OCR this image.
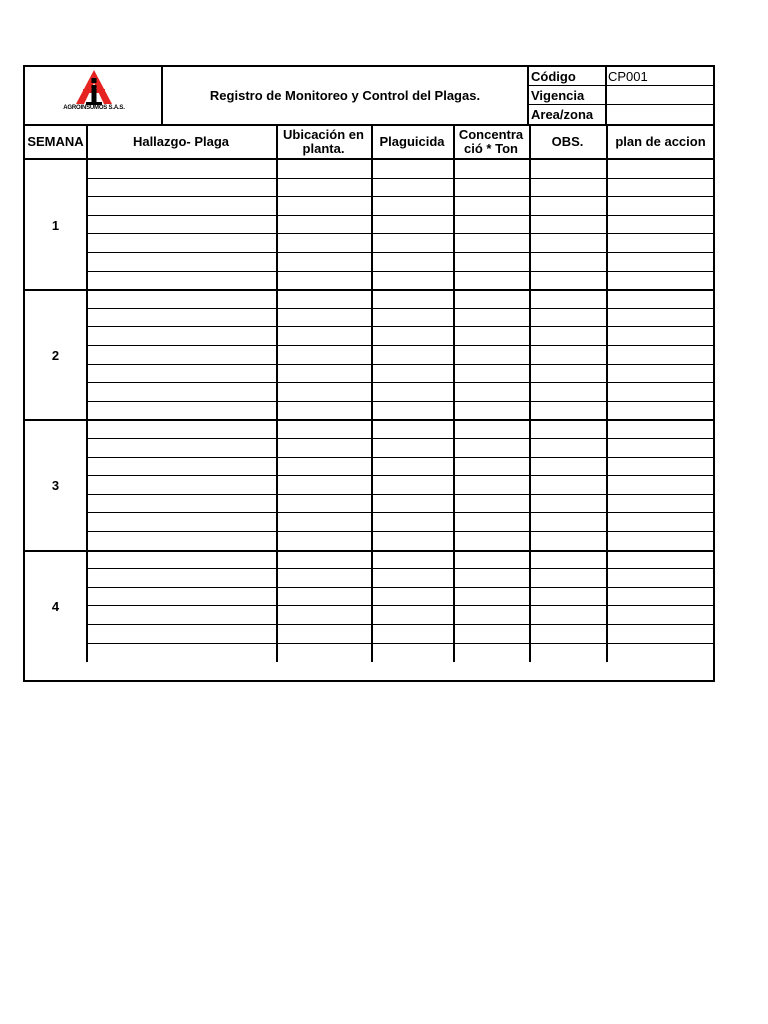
AGROINSUMOS S.A.S.
Registro de Monitoreo y Control del Plagas.
Código	CP001
Vigencia
Area/zona
SEMANA	Hallazgo- Plaga	Ubicación en planta.	Plaguicida	Concentra ció * Ton	OBS.	plan de accion
1
2
3
4
